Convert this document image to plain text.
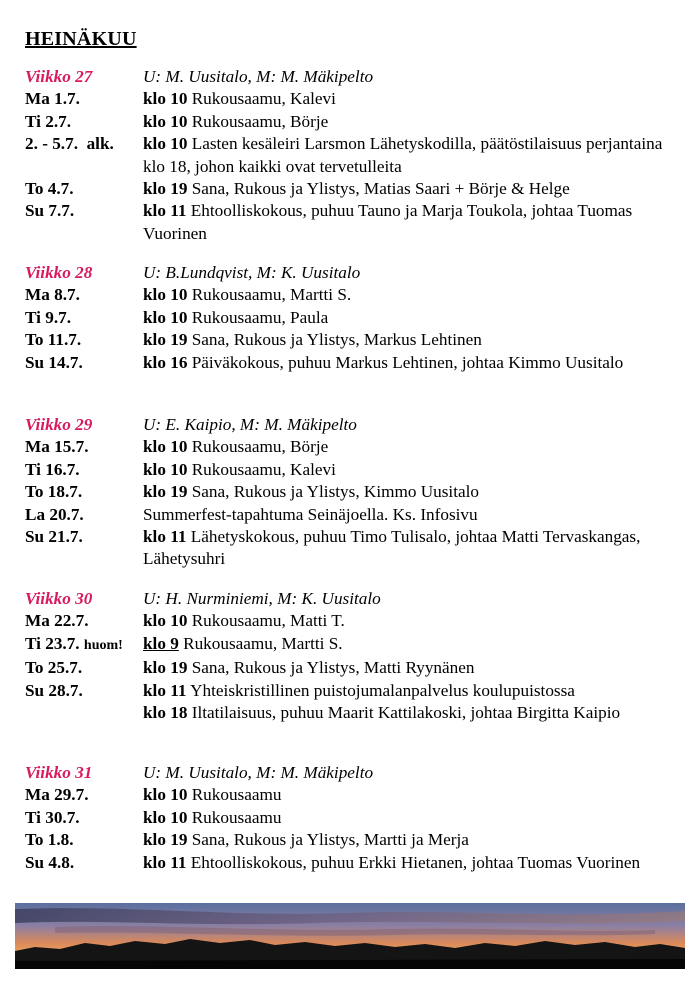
HEINÄKUU
Viikko 27	U: M. Uusitalo, M: M. Mäkipelto
Ma 1.7.	klo 10 Rukousaamu, Kalevi
Ti 2.7.	klo 10 Rukousaamu, Börje
2. - 5.7.  alk.	klo 10 Lasten kesäleiri Larsmon Lähetyskodilla, päätöstilaisuus perjantaina klo 18, johon kaikki ovat tervetulleita
To 4.7.	klo 19 Sana, Rukous ja Ylistys, Matias Saari + Börje & Helge
Su 7.7.	klo 11 Ehtoolliskokous, puhuu Tauno ja Marja Toukola, johtaa Tuomas Vuorinen
Viikko 28	U: B.Lundqvist, M: K. Uusitalo
Ma 8.7.	klo 10 Rukousaamu, Martti S.
Ti 9.7.	klo 10 Rukousaamu, Paula
To 11.7.	klo 19 Sana, Rukous ja Ylistys, Markus Lehtinen
Su 14.7.	klo 16 Päiväkokous, puhuu Markus Lehtinen, johtaa Kimmo Uusitalo
Viikko 29	U: E. Kaipio, M: M. Mäkipelto
Ma 15.7.	klo 10 Rukousaamu, Börje
Ti 16.7.	klo 10 Rukousaamu, Kalevi
To 18.7.	klo 19 Sana, Rukous ja Ylistys, Kimmo Uusitalo
La 20.7.	Summerfest-tapahtuma Seinäjoella. Ks. Infosivu
Su 21.7.	klo 11 Lähetyskokous, puhuu Timo Tulisalo, johtaa Matti Tervaskangas, Lähetysuhri
Viikko 30	U: H. Nurminiemi, M: K. Uusitalo
Ma 22.7.	klo 10 Rukousaamu, Matti T.
Ti 23.7. huom!	klo 9 Rukousaamu, Martti S.
To 25.7.	klo 19 Sana, Rukous ja Ylistys, Matti Ryynänen
Su 28.7.	klo 11 Yhteiskristillinen puistojumalanpalvelus koulupuistossa
klo 18 Iltatilaisuus, puhuu Maarit Kattilakoski, johtaa Birgitta Kaipio
Viikko 31	U: M. Uusitalo, M: M. Mäkipelto
Ma 29.7.	klo 10 Rukousaamu
Ti 30.7.	klo 10 Rukousaamu
To 1.8.	klo 19 Sana, Rukous ja Ylistys, Martti ja Merja
Su 4.8.	klo 11 Ehtoolliskokous, puhuu Erkki Hietanen, johtaa Tuomas Vuorinen
